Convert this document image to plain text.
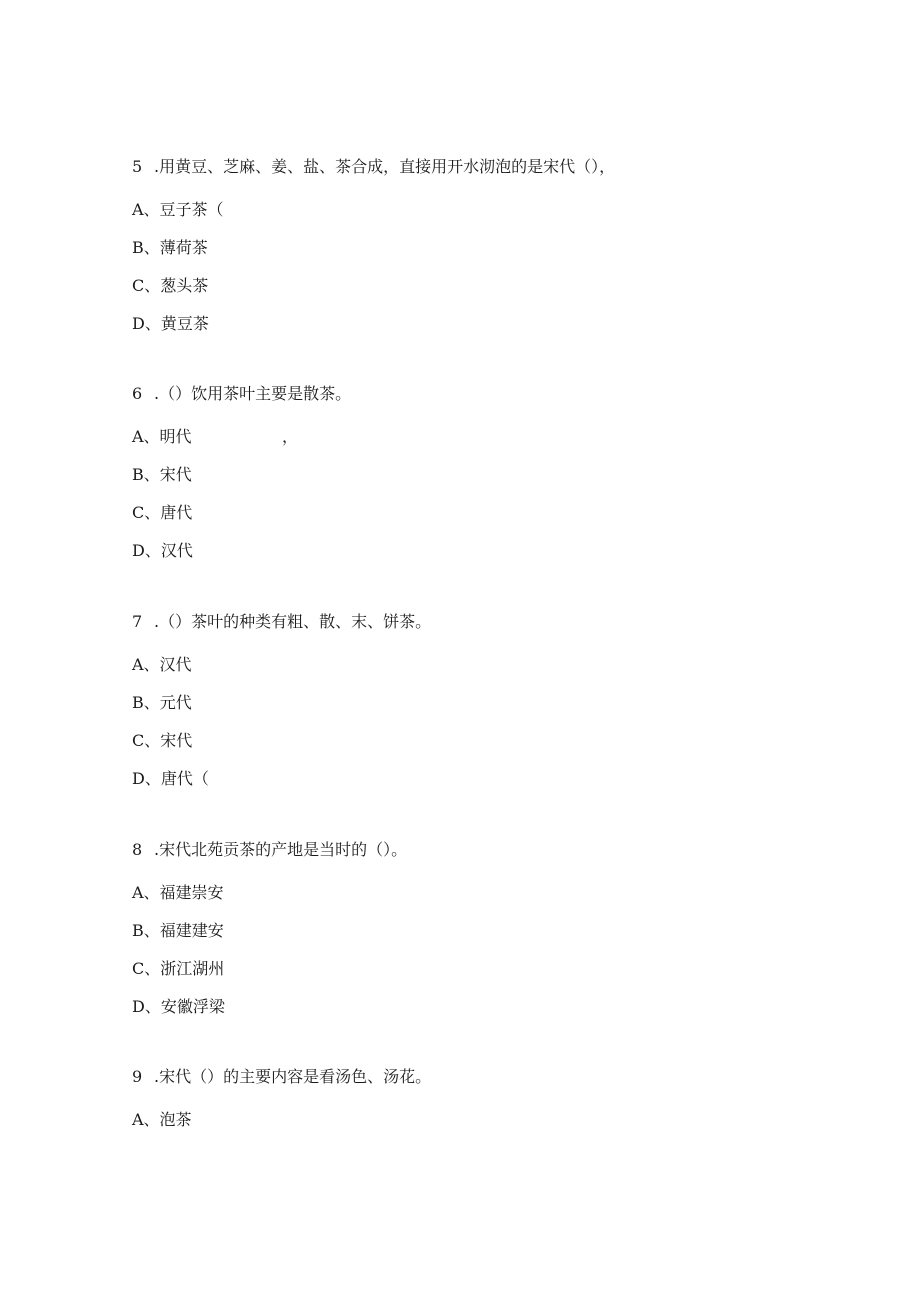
5 .用黄豆、芝麻、姜、盐、茶合成，直接用开水沏泡的是宋代（），

A、豆子茶（
B、薄荷茶
C、葱头茶
D、黄豆茶

6 .（）饮用茶叶主要是散茶。

A、明代	，
B、宋代
C、唐代
D、汉代

7 .（）茶叶的种类有粗、散、末、饼茶。

A、汉代
B、元代
C、宋代
D、唐代（

8 .宋代北苑贡茶的产地是当时的（）。

A、福建崇安
B、福建建安
C、浙江湖州
D、安徽浮梁

9 .宋代（）的主要内容是看汤色、汤花。

A、泡茶
